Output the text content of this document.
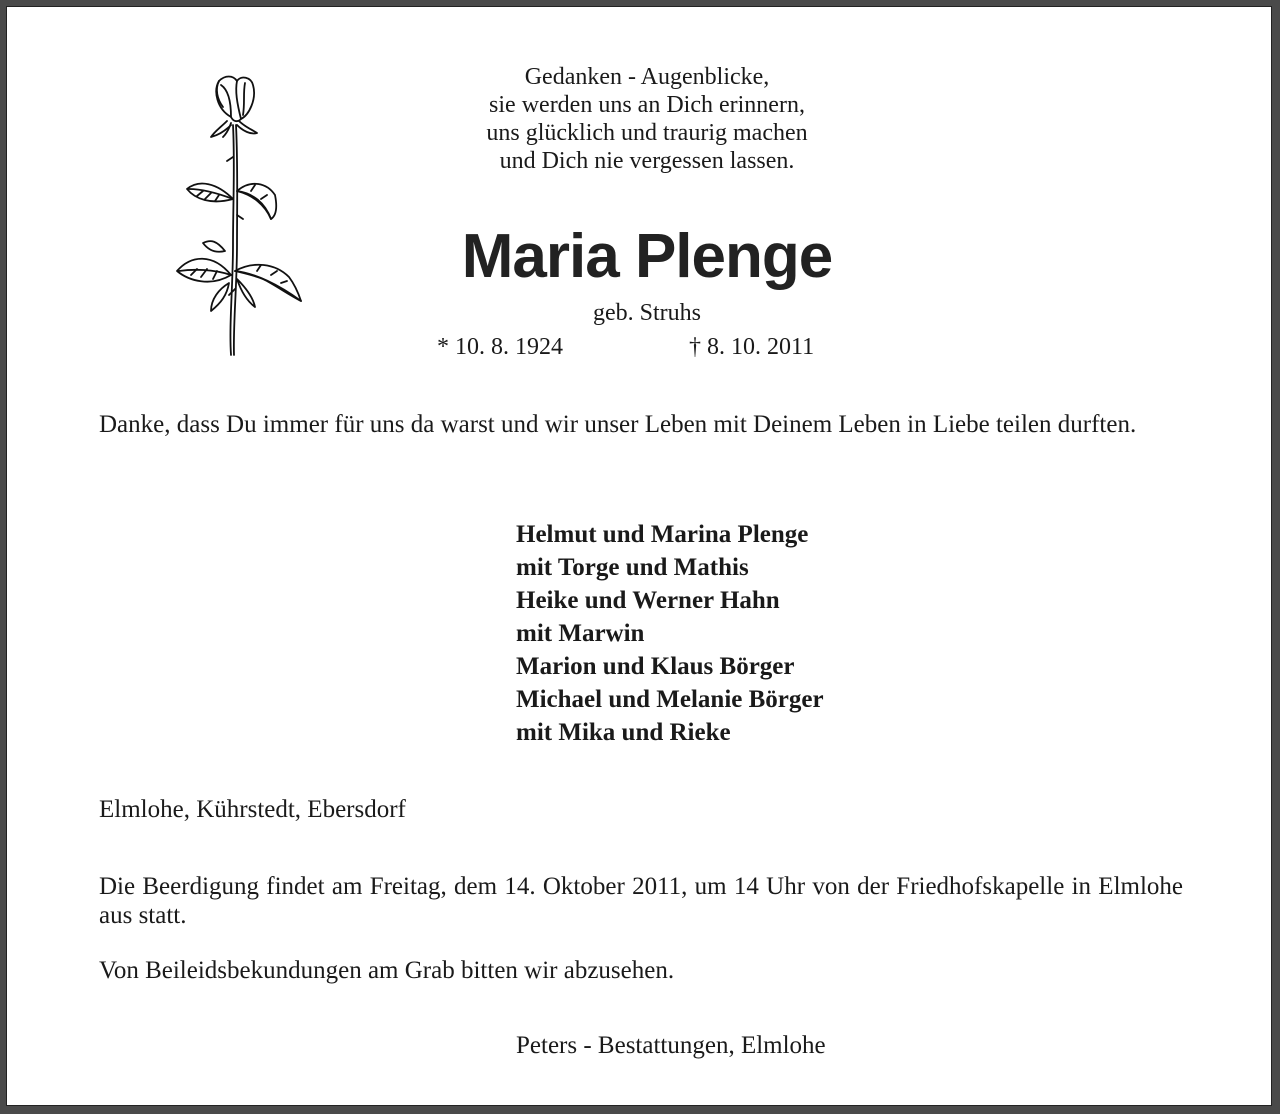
Gedanken - Augenblicke,
sie werden uns an Dich erinnern,
uns glücklich und traurig machen
und Dich nie vergessen lassen.
Maria Plenge
geb. Struhs
* 10. 8. 1924	† 8. 10. 2011
Danke, dass Du immer für uns da warst und wir unser Leben mit Deinem Leben in Liebe teilen durften.
Helmut und Marina Plenge
mit Torge und Mathis
Heike und Werner Hahn
mit Marwin
Marion und Klaus Börger
Michael und Melanie Börger
mit Mika und Rieke
Elmlohe, Kührstedt, Ebersdorf
Die Beerdigung findet am Freitag, dem 14. Oktober 2011, um 14 Uhr von der Friedhofskapelle in Elmlohe aus statt.
Von Beileidsbekundungen am Grab bitten wir abzusehen.
Peters - Bestattungen, Elmlohe
